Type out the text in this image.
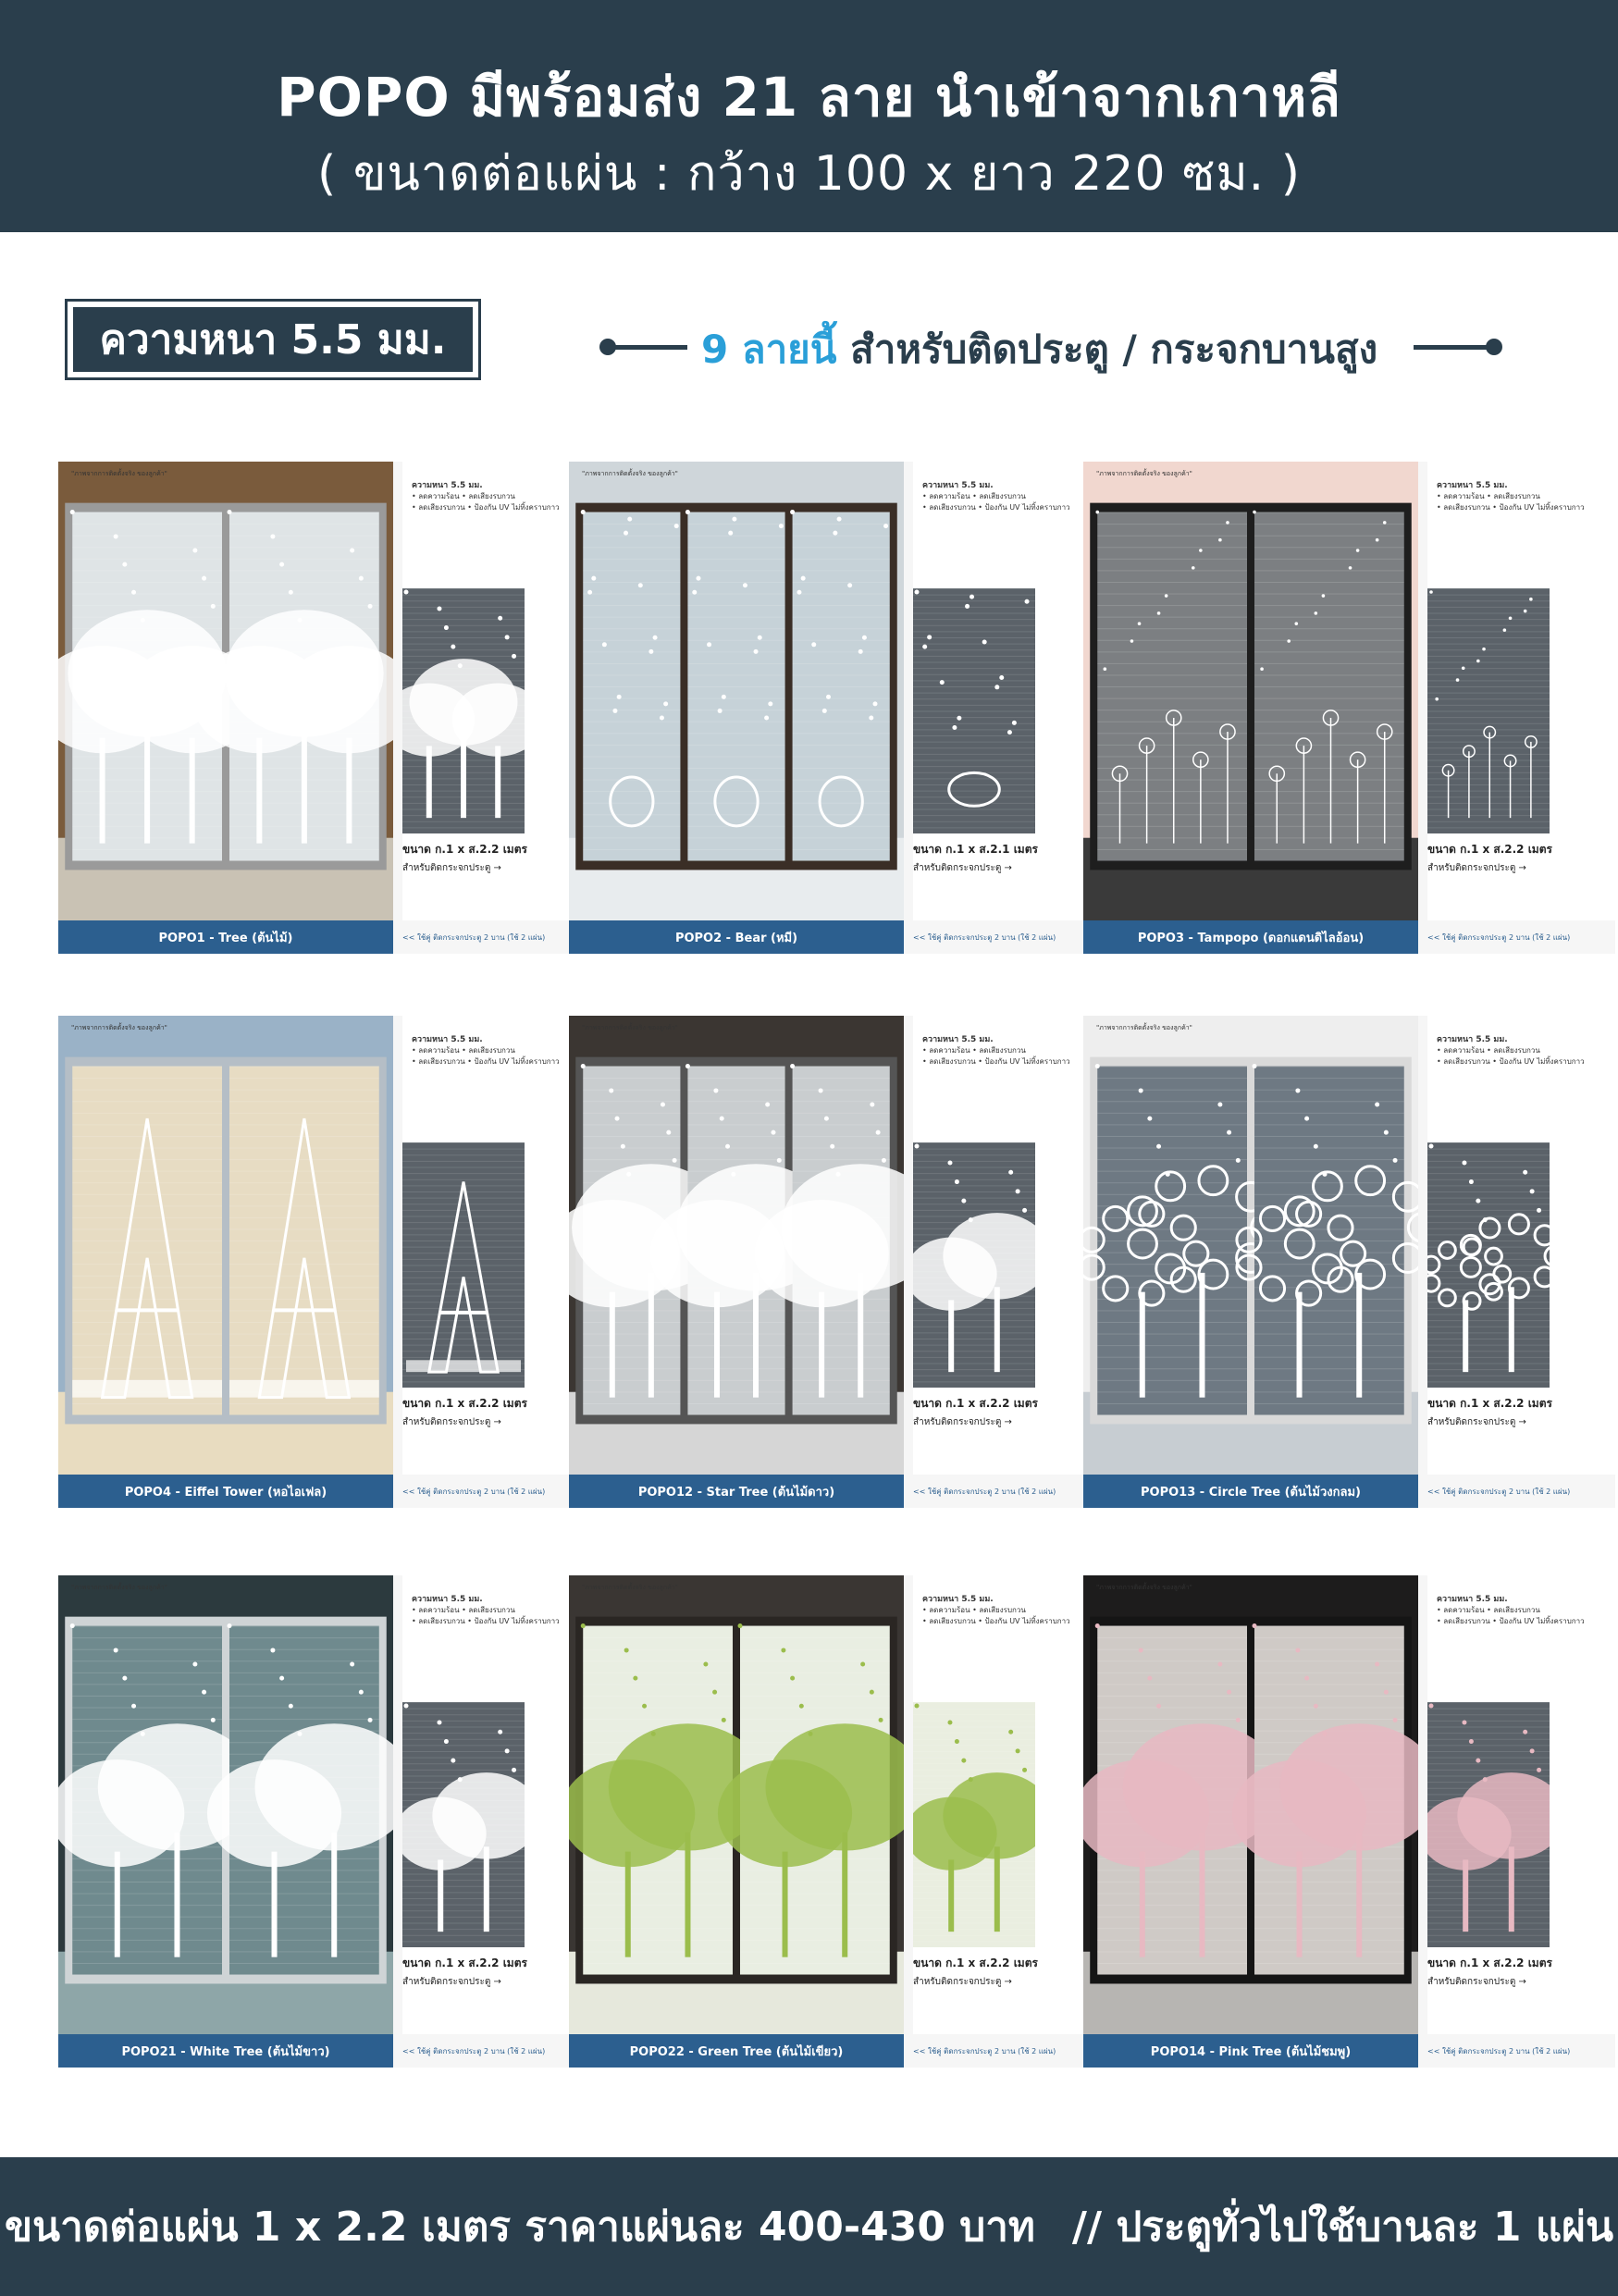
POPO มีพร้อมส่ง 21 ลาย นำเข้าจากเกาหลี
( ขนาดต่อแผ่น : กว้าง 100 x ยาว 220 ซม. )
ความหนา 5.5 มม.	9 ลายนี้ สำหรับติดประตู / กระจกบานสูง
"ภาพจากการติดตั้งจริง ของลูกค้า"
ความหนา 5.5 มม.
• ลดความร้อน • ลดเสียงรบกวน
• ลดเสียงรบกวน • ป้องกัน UV ไม่ทิ้งคราบกาว
ขนาด ก.1 x ส.2.2 เมตร
สำหรับติดกระจกประตู →
POPO1 - Tree (ต้นไม้)	<< ใช้คู่ ติดกระจกประตู 2 บาน (ใช้ 2 แผ่น)
"ภาพจากการติดตั้งจริง ของลูกค้า"
ความหนา 5.5 มม.
• ลดความร้อน • ลดเสียงรบกวน
• ลดเสียงรบกวน • ป้องกัน UV ไม่ทิ้งคราบกาว
ขนาด ก.1 x ส.2.1 เมตร
สำหรับติดกระจกประตู →
POPO2 - Bear (หมี)	<< ใช้คู่ ติดกระจกประตู 2 บาน (ใช้ 2 แผ่น)
"ภาพจากการติดตั้งจริง ของลูกค้า"
ความหนา 5.5 มม.
• ลดความร้อน • ลดเสียงรบกวน
• ลดเสียงรบกวน • ป้องกัน UV ไม่ทิ้งคราบกาว
ขนาด ก.1 x ส.2.2 เมตร
สำหรับติดกระจกประตู →
POPO3 - Tampopo (ดอกแดนดิไลอ้อน)	<< ใช้คู่ ติดกระจกประตู 2 บาน (ใช้ 2 แผ่น)
"ภาพจากการติดตั้งจริง ของลูกค้า"
ความหนา 5.5 มม.
• ลดความร้อน • ลดเสียงรบกวน
• ลดเสียงรบกวน • ป้องกัน UV ไม่ทิ้งคราบกาว
ขนาด ก.1 x ส.2.2 เมตร
สำหรับติดกระจกประตู →
POPO4 - Eiffel Tower (หอไอเฟล)	<< ใช้คู่ ติดกระจกประตู 2 บาน (ใช้ 2 แผ่น)
"ภาพจากการติดตั้งจริง ของลูกค้า"
ความหนา 5.5 มม.
• ลดความร้อน • ลดเสียงรบกวน
• ลดเสียงรบกวน • ป้องกัน UV ไม่ทิ้งคราบกาว
ขนาด ก.1 x ส.2.2 เมตร
สำหรับติดกระจกประตู →
POPO12 - Star Tree (ต้นไม้ดาว)	<< ใช้คู่ ติดกระจกประตู 2 บาน (ใช้ 2 แผ่น)
"ภาพจากการติดตั้งจริง ของลูกค้า"
ความหนา 5.5 มม.
• ลดความร้อน • ลดเสียงรบกวน
• ลดเสียงรบกวน • ป้องกัน UV ไม่ทิ้งคราบกาว
ขนาด ก.1 x ส.2.2 เมตร
สำหรับติดกระจกประตู →
POPO13 - Circle Tree (ต้นไม้วงกลม)	<< ใช้คู่ ติดกระจกประตู 2 บาน (ใช้ 2 แผ่น)
"ภาพจากการติดตั้งจริง ของลูกค้า"
ความหนา 5.5 มม.
• ลดความร้อน • ลดเสียงรบกวน
• ลดเสียงรบกวน • ป้องกัน UV ไม่ทิ้งคราบกาว
ขนาด ก.1 x ส.2.2 เมตร
สำหรับติดกระจกประตู →
POPO21 - White Tree (ต้นไม้ขาว)	<< ใช้คู่ ติดกระจกประตู 2 บาน (ใช้ 2 แผ่น)
"ภาพจากการติดตั้งจริง ของลูกค้า"
ความหนา 5.5 มม.
• ลดความร้อน • ลดเสียงรบกวน
• ลดเสียงรบกวน • ป้องกัน UV ไม่ทิ้งคราบกาว
ขนาด ก.1 x ส.2.2 เมตร
สำหรับติดกระจกประตู →
POPO22 - Green Tree (ต้นไม้เขียว)	<< ใช้คู่ ติดกระจกประตู 2 บาน (ใช้ 2 แผ่น)
"ภาพจากการติดตั้งจริง ของลูกค้า"
ความหนา 5.5 มม.
• ลดความร้อน • ลดเสียงรบกวน
• ลดเสียงรบกวน • ป้องกัน UV ไม่ทิ้งคราบกาว
ขนาด ก.1 x ส.2.2 เมตร
สำหรับติดกระจกประตู →
POPO14 - Pink Tree (ต้นไม้ชมพู)	<< ใช้คู่ ติดกระจกประตู 2 บาน (ใช้ 2 แผ่น)
ขนาดต่อแผ่น 1 x 2.2 เมตร ราคาแผ่นละ 400-430 บาท // ประตูทั่วไปใช้บานละ 1 แผ่น
